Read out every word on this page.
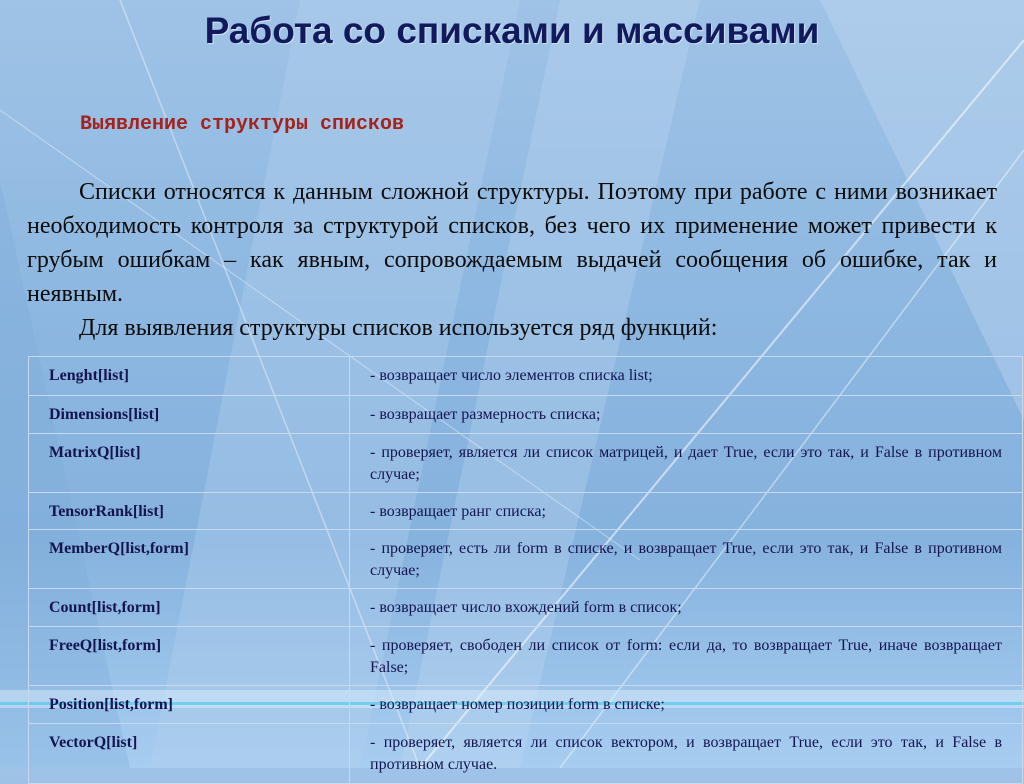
Работа со списками и массивами
Выявление структуры списков

Списки относятся к данным сложной структуры. Поэтому при работе с ними возникает необходимость контроля за структурой списков, без чего их применение может привести к грубым ошибкам – как явным, сопровождаемым выдачей сообщения об ошибке, так и неявным.

Для выявления структуры списков используется ряд функций:

Lenght[list]	- возвращает число элементов списка list;
Dimensions[list]	- возвращает размерность списка;
MatrixQ[list]	- проверяет, является ли список матрицей, и дает True, если это так, и False в противном случае;
TensorRank[list]	- возвращает ранг списка;
MemberQ[list,form]	- проверяет, есть ли form в списке, и возвращает True, если это так, и False в противном случае;
Count[list,form]	- возвращает число вхождений form в список;
FreeQ[list,form]	- проверяет, свободен ли список от form: если да, то возвращает True, иначе возвращает False;
Position[list,form]	- возвращает номер позиции form в списке;
VectorQ[list]	- проверяет, является ли список вектором, и возвращает True, если это так, и False в противном случае.
